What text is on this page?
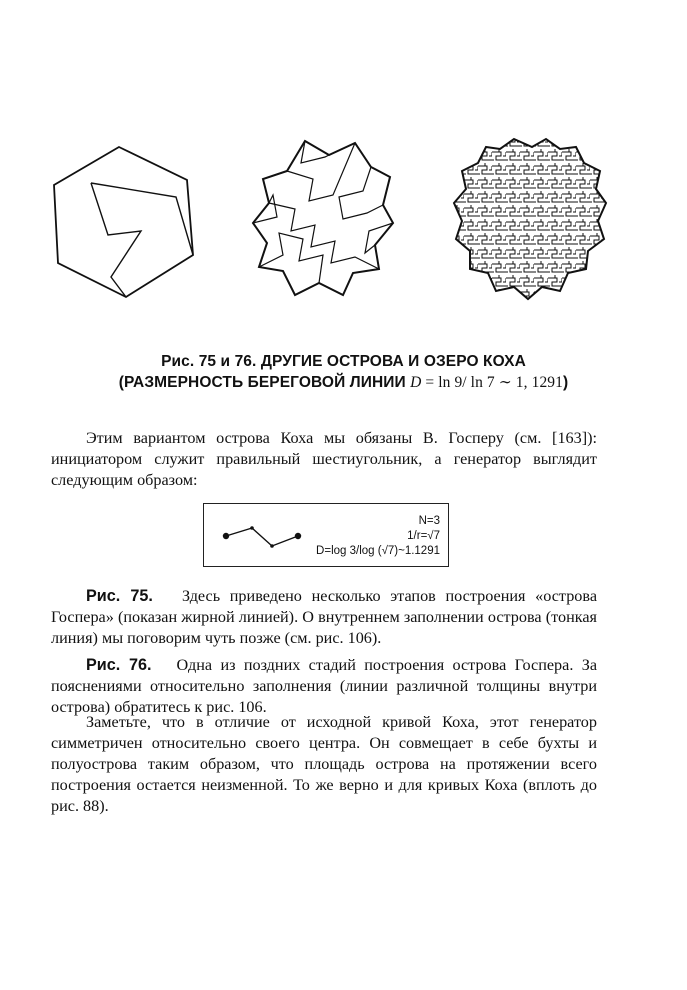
Рис. 75 и 76. ДРУГИЕ ОСТРОВА И ОЗЕРО КОХА
(РАЗМЕРНОСТЬ БЕРЕГОВОЙ ЛИНИИ D = ln 9/ ln 7 ∼ 1, 1291)

Этим вариантом острова Коха мы обязаны В. Госперу (см. [163]): инициатором служит правильный шестиугольник, а генератор выглядит следующим образом:

N=3
1/r=√7
D=log 3/log (√7)~1.1291

Рис. 75. Здесь приведено несколько этапов построения «острова Госпера» (показан жирной линией). О внутреннем заполнении острова (тонкая линия) мы поговорим чуть позже (см. рис. 106).

Рис. 76. Одна из поздних стадий построения острова Госпера. За пояснениями относительно заполнения (линии различной толщины внутри острова) обратитесь к рис. 106.

Заметьте, что в отличие от исходной кривой Коха, этот генератор симметричен относительно своего центра. Он совмещает в себе бухты и полуострова таким образом, что площадь острова на протяжении всего построения остается неизменной. То же верно и для кривых Коха (вплоть до рис. 88).
